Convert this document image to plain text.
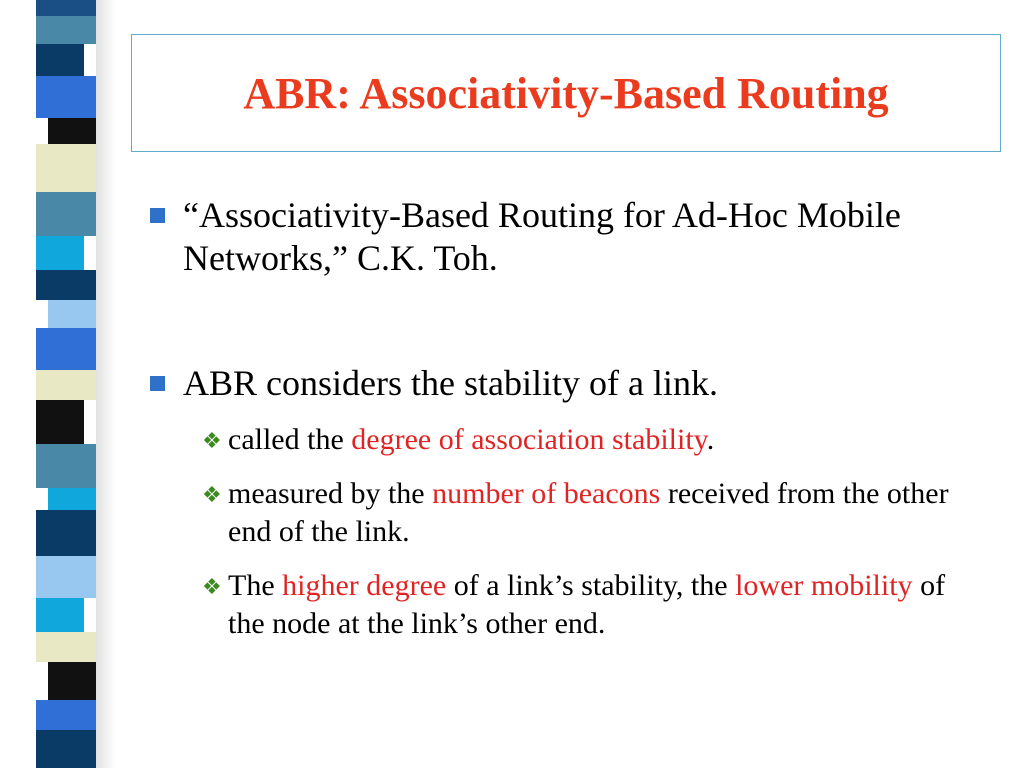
ABR: Associativity-Based Routing
“Associativity-Based Routing for Ad-Hoc Mobile Networks,” C.K. Toh.
ABR considers the stability of a link.
❖ called the degree of association stability.
❖ measured by the number of beacons received from the other end of the link.
❖ The higher degree of a link’s stability, the lower mobility of the node at the link’s other end.
